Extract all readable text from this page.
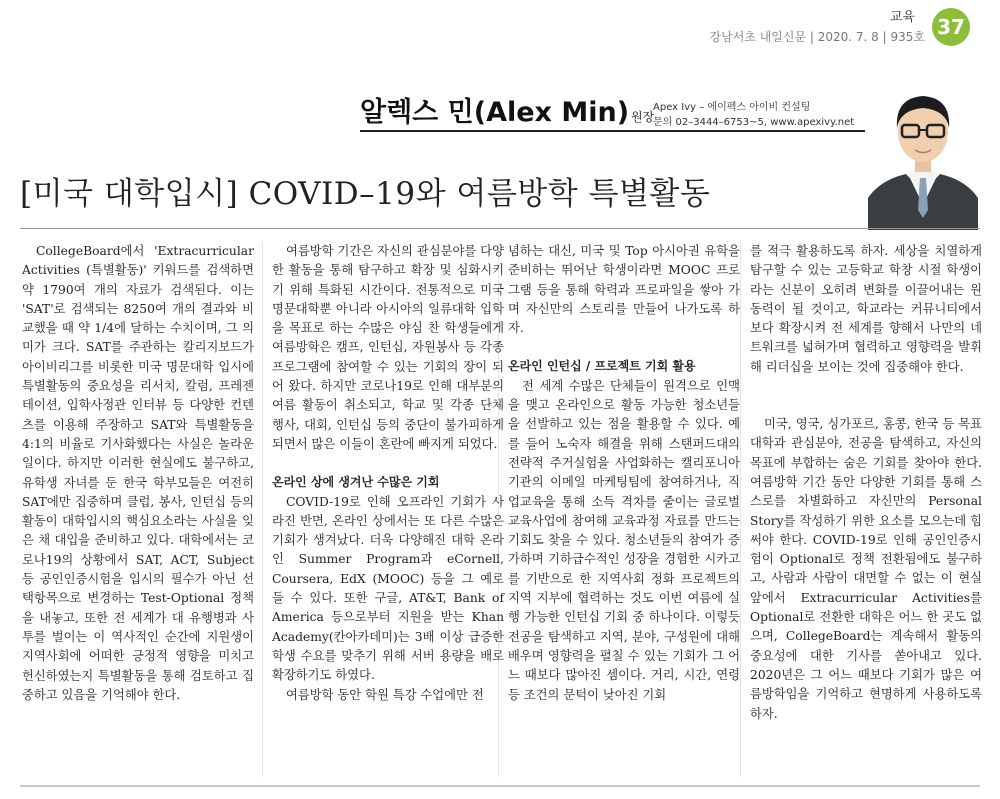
교육
강남서초 내일신문 | 2020. 7. 8 | 935호 37
알렉스 민(Alex Min) 원장
Apex Ivy – 에이펙스 아이비 컨설팅
문의 02–3444–6753~5, www.apexivy.net
[미국 대학입시] COVID–19와 여름방학 특별활동

CollegeBoard에서 'Extracurricular Activities (특별활동)' 키워드를 검색하면 약 1790여 개의 자료가 검색된다. 이는 'SAT'로 검색되는 8250여 개의 결과와 비교했을 때 약 1/4에 달하는 수치이며, 그 의미가 크다. SAT를 주관하는 칼리지보드가 아이비리그를 비롯한 미국 명문대학 입시에 특별활동의 중요성을 리서치, 칼럼, 프레젠테이션, 입학사정관 인터뷰 등 다양한 컨텐츠를 이용해 주장하고 SAT와 특별활동을 4:1의 비율로 기사화했다는 사실은 놀라운 일이다. 하지만 이러한 현실에도 불구하고, 유학생 자녀를 둔 한국 학부모들은 여전히 SAT에만 집중하며 클럽, 봉사, 인턴십 등의 활동이 대학입시의 핵심요소라는 사실을 잊은 채 대입을 준비하고 있다. 대학에서는 코로나19의 상황에서 SAT, ACT, Subject 등 공인인증시험을 입시의 필수가 아닌 선택항목으로 변경하는 Test-Optional 정책을 내놓고, 또한 전 세계가 대 유행병과 사투를 벌이는 이 역사적인 순간에 지원생이 지역사회에 어떠한 긍정적 영향을 미치고 헌신하였는지 특별활동을 통해 검토하고 집중하고 있음을 기억해야 한다.

여름방학 기간은 자신의 관심분야를 다양한 활동을 통해 탐구하고 확장 및 심화시키기 위해 특화된 시간이다. 전통적으로 미국 명문대학뿐 아니라 아시아의 일류대학 입학을 목표로 하는 수많은 야심 찬 학생들에게 여름방학은 캠프, 인턴십, 자원봉사 등 각종 프로그램에 참여할 수 있는 기회의 장이 되어 왔다. 하지만 코로나19로 인해 대부분의 여름 활동이 취소되고, 학교 및 각종 단체 행사, 대회, 인턴십 등의 중단이 불가피하게 되면서 많은 이들이 혼란에 빠지게 되었다.

온라인 상에 생겨난 수많은 기회

COVID-19로 인해 오프라인 기회가 사라진 반면, 온라인 상에서는 또 다른 수많은 기회가 생겨났다. 더욱 다양해진 대학 온라인 Summer Program과 eCornell, Coursera, EdX (MOOC) 등을 그 예로 들 수 있다. 또한 구글, AT&T, Bank of America 등으로부터 지원을 받는 Khan Academy(칸아카데미)는 3배 이상 급증한 학생 수요를 맞추기 위해 서버 용량을 배로 확장하기도 하였다.

여름방학 동안 학원 특강 수업에만 전

념하는 대신, 미국 및 Top 아시아권 유학을 준비하는 뛰어난 학생이라면 MOOC 프로그램 등을 통해 학력과 프로파일을 쌓아 가며 자신만의 스토리를 만들어 나가도록 하자.

온라인 인턴십 / 프로젝트 기회 활용

전 세계 수많은 단체들이 원격으로 인맥을 맺고 온라인으로 활동 가능한 청소년들을 선발하고 있는 점을 활용할 수 있다. 예를 들어 노숙자 해결을 위해 스탠퍼드대의 전략적 주거실험을 사업화하는 캘리포니아 기관의 이메일 마케팅팀에 참여하거나, 직업교육을 통해 소득 격차를 줄이는 글로벌 교육사업에 참여해 교육과정 자료를 만드는 기회도 찾을 수 있다. 청소년들의 참여가 증가하며 기하급수적인 성장을 경험한 시카고를 기반으로 한 지역사회 정화 프로젝트의 지역 지부에 협력하는 것도 이번 여름에 실행 가능한 인턴십 기회 중 하나이다. 이렇듯 전공을 탐색하고 지역, 분야, 구성원에 대해 배우며 영향력을 펼칠 수 있는 기회가 그 어느 때보다 많아진 셈이다. 거리, 시간, 연령 등 조건의 문턱이 낮아진 기회

를 적극 활용하도록 하자. 세상을 치열하게 탐구할 수 있는 고등학교 학창 시절 학생이라는 신분이 오히려 변화를 이끌어내는 원동력이 될 것이고, 학교라는 커뮤니티에서 보다 확장시켜 전 세계를 향해서 나만의 네트워크를 넓혀가며 협력하고 영향력을 발휘해 리더십을 보이는 것에 집중해야 한다.

미국, 영국, 싱가포르, 홍콩, 한국 등 목표대학과 관심분야, 전공을 탐색하고, 자신의 목표에 부합하는 숨은 기회를 찾아야 한다. 여름방학 기간 동안 다양한 기회를 통해 스스로를 차별화하고 자신만의 Personal Story를 작성하기 위한 요소를 모으는데 힘써야 한다. COVID-19로 인해 공인인증시험이 Optional로 정책 전환됨에도 불구하고, 사람과 사람이 대면할 수 없는 이 현실 앞에서 Extracurricular Activities를 Optional로 전환한 대학은 어느 한 곳도 없으며, CollegeBoard는 계속해서 활동의 중요성에 대한 기사를 쏟아내고 있다. 2020년은 그 어느 때보다 기회가 많은 여름방학임을 기억하고 현명하게 사용하도록 하자.
